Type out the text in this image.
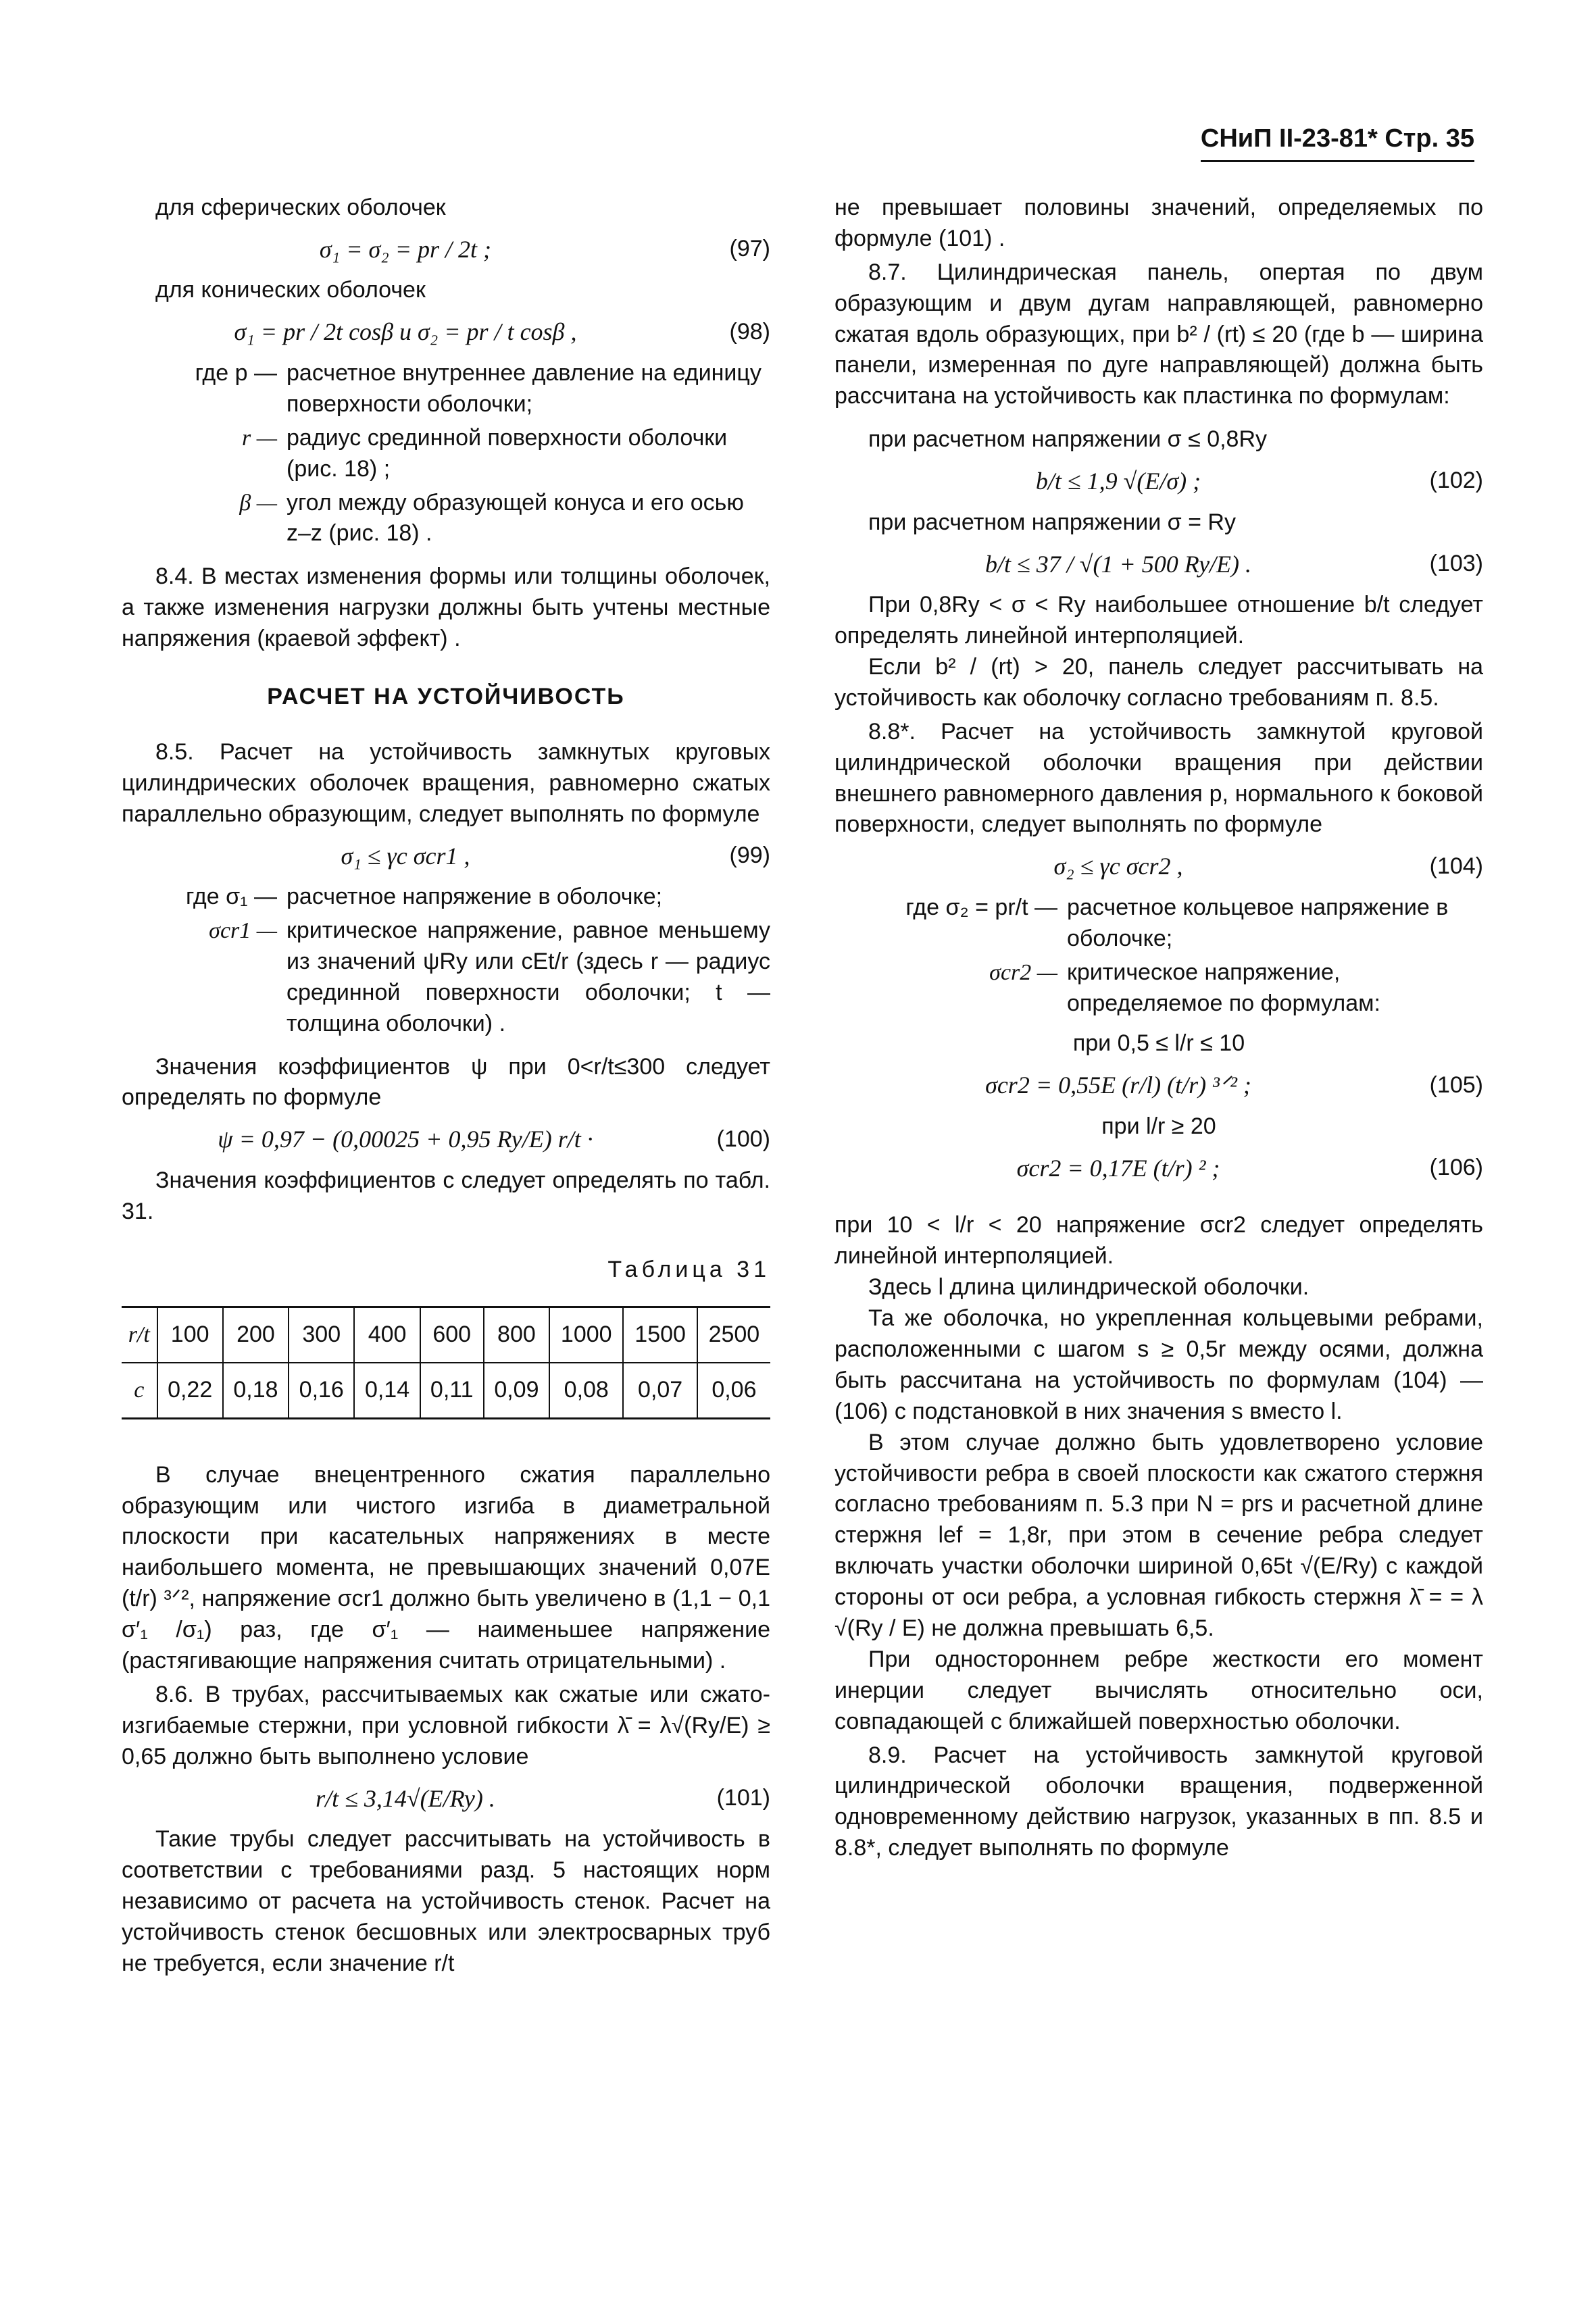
СНиП II-23-81* Стр. 35

для сферических оболочек

σ₁ = σ₂ = pr / 2t ;	(97)

для конических оболочек

σ₁ = pr / 2t cosβ и σ₂ = pr / t cosβ ,	(98)
где p — расчетное внутреннее давление на единицу поверхности оболочки;
r — радиус срединной поверхности оболочки (рис. 18) ;
β — угол между образующей конуса и его осью z–z (рис. 18) .

8.4. В местах изменения формы или толщины оболочек, а также изменения нагрузки должны быть учтены местные напряжения (краевой эффект) .

РАСЧЕТ НА УСТОЙЧИВОСТЬ

8.5. Расчет на устойчивость замкнутых круговых цилиндрических оболочек вращения, равномерно сжатых параллельно образующим, следует выполнять по формуле

σ₁ ≤ γc σcr1 ,	(99)
где σ₁ — расчетное напряжение в оболочке;
σcr1 — критическое напряжение, равное меньшему из значений ψRy или cEt/r (здесь r — радиус срединной поверхности оболочки; t — толщина оболочки) .

Значения коэффициентов ψ при 0<r/t≤300 следует определять по формуле

ψ = 0,97 − (0,00025 + 0,95 Ry/E) r/t ·	(100)

Значения коэффициентов c следует определять по табл. 31.

Таблица 31
r/t	100	200	300	400	600	800	1000	1500	2500
c	0,22	0,18	0,16	0,14	0,11	0,09	0,08	0,07	0,06

В случае внецентренного сжатия параллельно образующим или чистого изгиба в диаметральной плоскости при касательных напряжениях в месте наибольшего момента, не превышающих значений 0,07E (t/r) ³ᐟ², напряжение σcr1 должно быть увеличено в (1,1 − 0,1 σ′₁ /σ₁) раз, где σ′₁ — наименьшее напряжение (растягивающие напряжения считать отрицательными) .

8.6. В трубах, рассчитываемых как сжатые или сжато-изгибаемые стержни, при условной гибкости λ̄ = λ√(Ry/E) ≥ 0,65 должно быть выполнено условие

r/t ≤ 3,14√(E/Ry) .	(101)

Такие трубы следует рассчитывать на устойчивость в соответствии с требованиями разд. 5 настоящих норм независимо от расчета на устойчивость стенок. Расчет на устойчивость стенок бесшовных или электросварных труб не требуется, если значение r/t

не превышает половины значений, определяемых по формуле (101) .

8.7. Цилиндрическая панель, опертая по двум образующим и двум дугам направляющей, равномерно сжатая вдоль образующих, при b² / (rt) ≤ 20 (где b — ширина панели, измеренная по дуге направляющей) должна быть рассчитана на устойчивость как пластинка по формулам:

при расчетном напряжении σ ≤ 0,8Ry

b/t ≤ 1,9 √(E/σ) ;	(102)

при расчетном напряжении σ = Ry

b/t ≤ 37 / √(1 + 500 Ry/E) .	(103)

При 0,8Ry < σ < Ry наибольшее отношение b/t следует определять линейной интерполяцией.

Если b² / (rt) > 20, панель следует рассчитывать на устойчивость как оболочку согласно требованиям п. 8.5.

8.8*. Расчет на устойчивость замкнутой круговой цилиндрической оболочки вращения при действии внешнего равномерного давления p, нормального к боковой поверхности, следует выполнять по формуле

σ₂ ≤ γc σcr2 ,	(104)
где σ₂ = pr/t — расчетное кольцевое напряжение в оболочке;
σcr2 — критическое напряжение, определяемое по формулам:

при 0,5 ≤ l/r ≤ 10

σcr2 = 0,55E (r/l) (t/r) ³ᐟ² ;	(105)

при l/r ≥ 20

σcr2 = 0,17E (t/r) ² ;	(106)

при 10 < l/r < 20 напряжение σcr2 следует определять линейной интерполяцией.

Здесь l длина цилиндрической оболочки.

Та же оболочка, но укрепленная кольцевыми ребрами, расположенными с шагом s ≥ 0,5r между осями, должна быть рассчитана на устойчивость по формулам (104) — (106) с подстановкой в них значения s вместо l.

В этом случае должно быть удовлетворено условие устойчивости ребра в своей плоскости как сжатого стержня согласно требованиям п. 5.3 при N = prs и расчетной длине стержня lef = 1,8r, при этом в сечение ребра следует включать участки оболочки шириной 0,65t √(E/Ry) с каждой стороны от оси ребра, а условная гибкость стержня λ̄ = = λ √(Ry / E) не должна превышать 6,5.

При одностороннем ребре жесткости его момент инерции следует вычислять относительно оси, совпадающей с ближайшей поверхностью оболочки.

8.9. Расчет на устойчивость замкнутой круговой цилиндрической оболочки вращения, подверженной одновременному действию нагрузок, указанных в пп. 8.5 и 8.8*, следует выполнять по формуле
